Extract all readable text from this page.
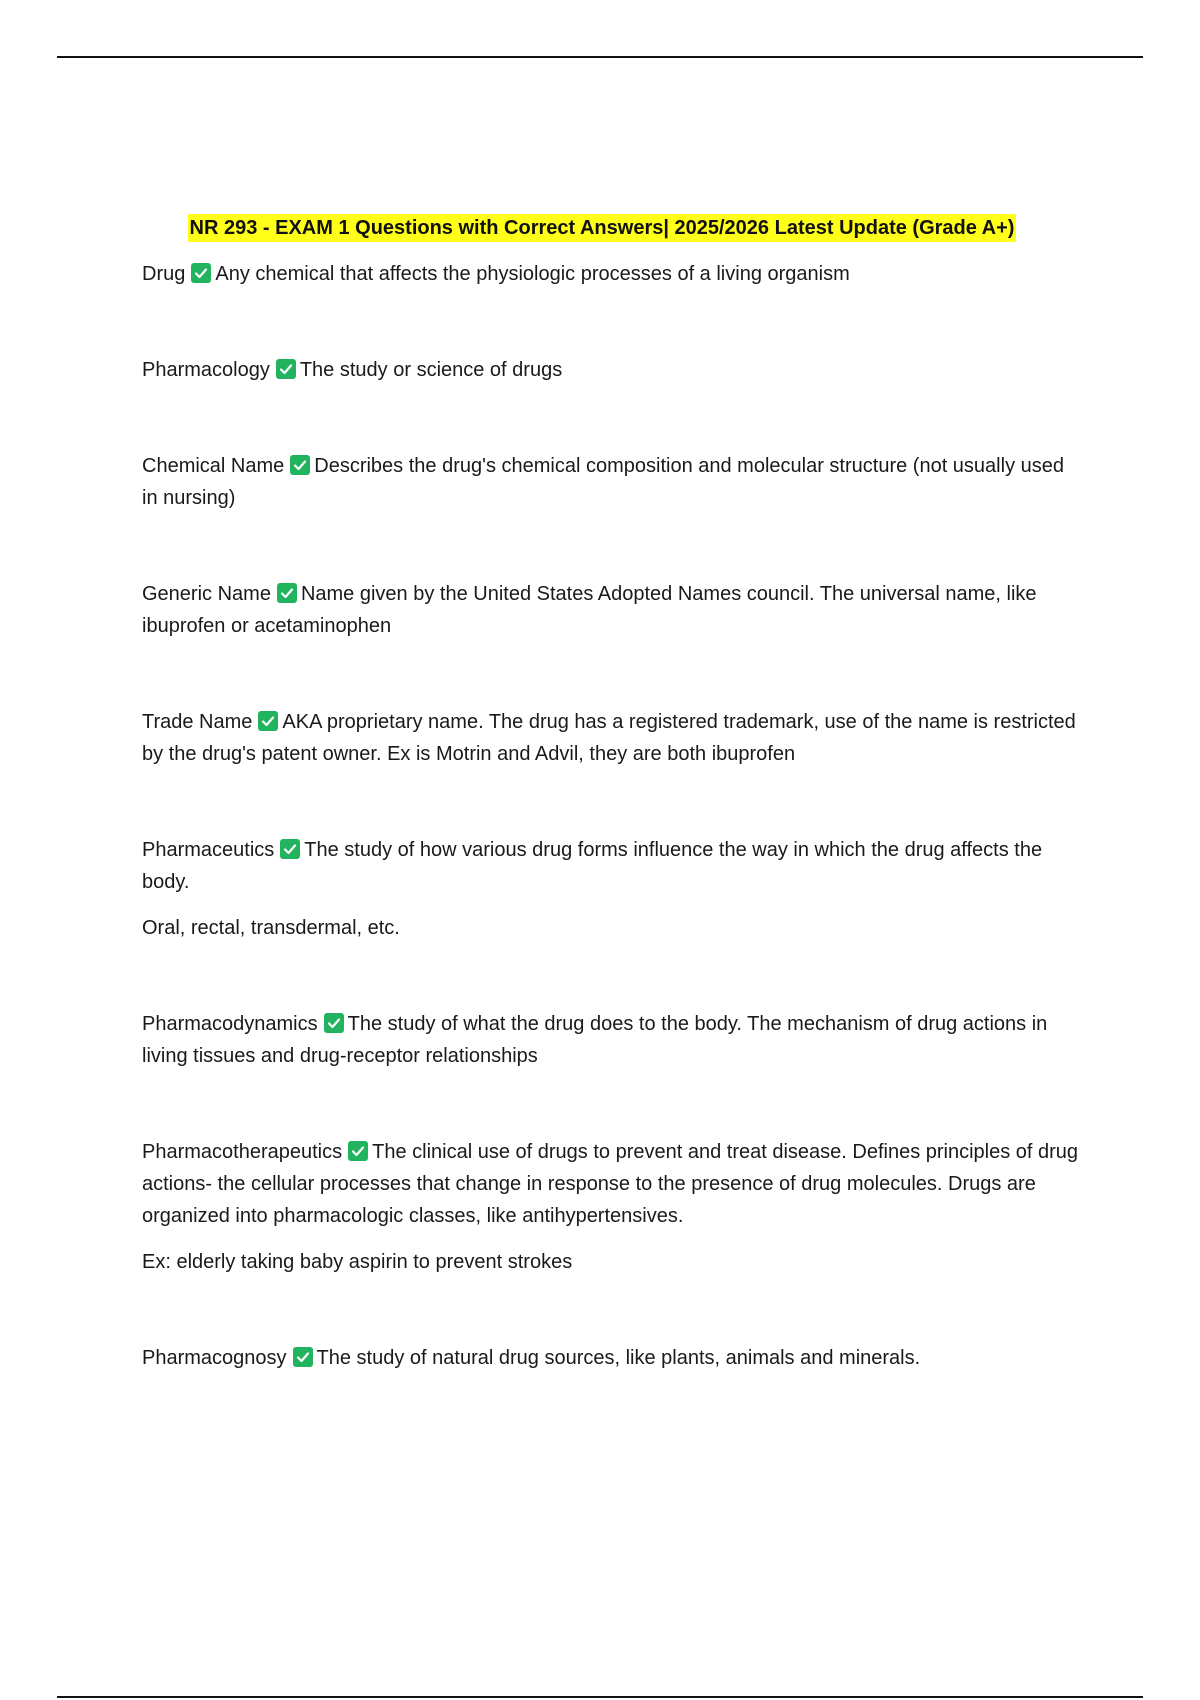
NR 293 - EXAM 1 Questions with Correct Answers| 2025/2026 Latest Update (Grade A+)

Drug Any chemical that affects the physiologic processes of a living organism

Pharmacology The study or science of drugs

Chemical Name Describes the drug's chemical composition and molecular structure (not usually used in nursing)

Generic Name Name given by the United States Adopted Names council. The universal name, like ibuprofen or acetaminophen

Trade Name AKA proprietary name. The drug has a registered trademark, use of the name is restricted by the drug's patent owner. Ex is Motrin and Advil, they are both ibuprofen

Pharmaceutics The study of how various drug forms influence the way in which the drug affects the body.

Oral, rectal, transdermal, etc.

Pharmacodynamics The study of what the drug does to the body. The mechanism of drug actions in living tissues and drug-receptor relationships

Pharmacotherapeutics The clinical use of drugs to prevent and treat disease. Defines principles of drug actions- the cellular processes that change in response to the presence of drug molecules. Drugs are organized into pharmacologic classes, like antihypertensives.

Ex: elderly taking baby aspirin to prevent strokes

Pharmacognosy The study of natural drug sources, like plants, animals and minerals.
